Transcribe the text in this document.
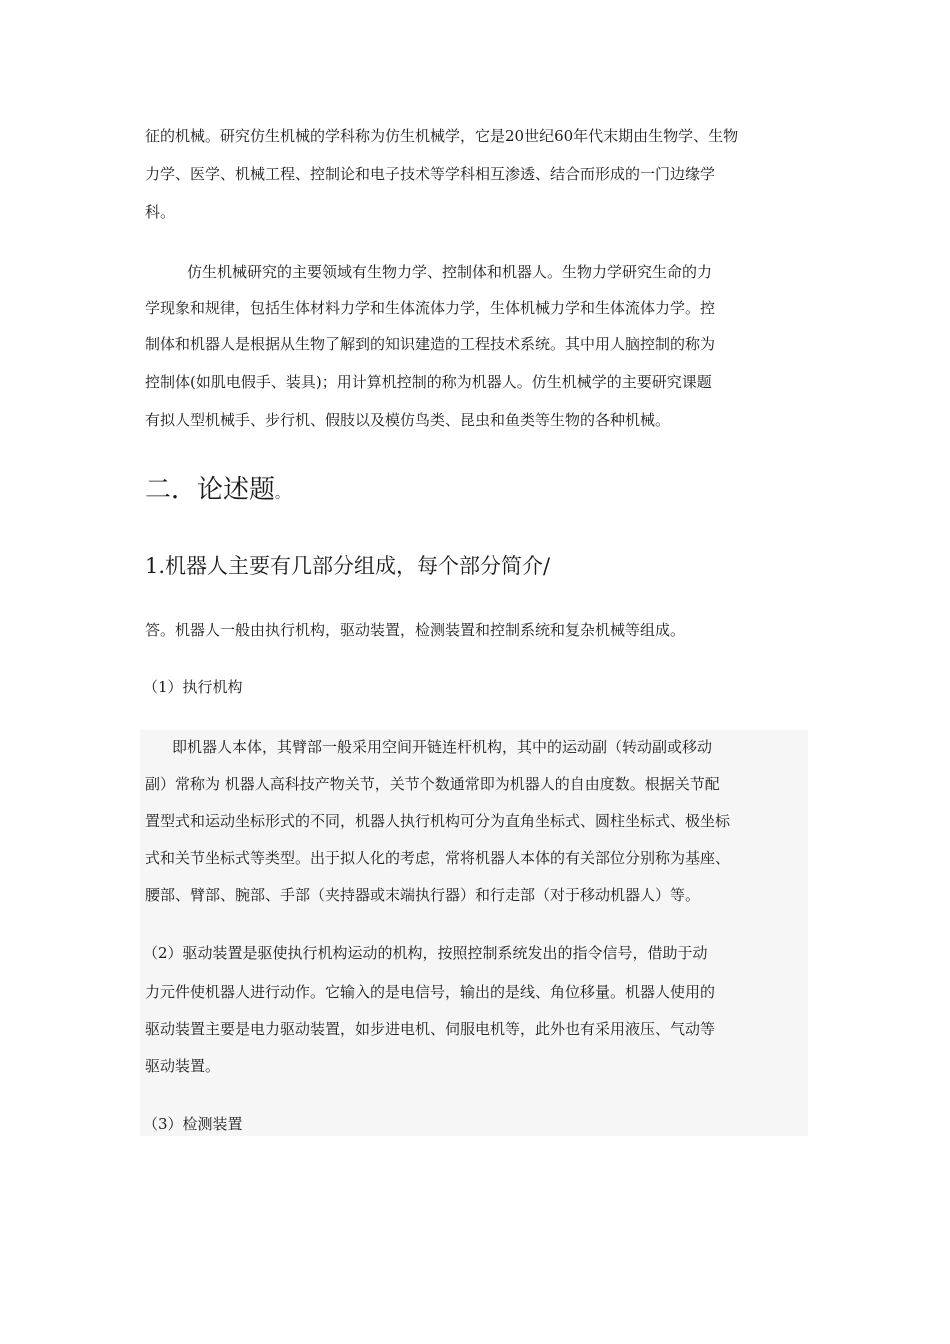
征的机械。研究仿生机械的学科称为仿生机械学，它是20世纪60年代末期由生物学、生物
力学、医学、机械工程、控制论和电子技术等学科相互渗透、结合而形成的一门边缘学
科。
仿生机械研究的主要领域有生物力学、控制体和机器人。生物力学研究生命的力
学现象和规律，包括生体材料力学和生体流体力学，生体机械力学和生体流体力学。控
制体和机器人是根据从生物了解到的知识建造的工程技术系统。其中用人脑控制的称为
控制体(如肌电假手、装具)；用计算机控制的称为机器人。仿生机械学的主要研究课题
有拟人型机械手、步行机、假肢以及模仿鸟类、昆虫和鱼类等生物的各种机械。
二．论述题。
1.机器人主要有几部分组成，每个部分简介/
答。机器人一般由执行机构，驱动装置，检测装置和控制系统和复杂机械等组成。
（1）执行机构
即机器人本体，其臂部一般采用空间开链连杆机构，其中的运动副（转动副或移动
副）常称为 机器人高科技产物关节，关节个数通常即为机器人的自由度数。根据关节配
置型式和运动坐标形式的不同，机器人执行机构可分为直角坐标式、圆柱坐标式、极坐标
式和关节坐标式等类型。出于拟人化的考虑，常将机器人本体的有关部位分别称为基座、
腰部、臂部、腕部、手部（夹持器或末端执行器）和行走部（对于移动机器人）等。
（2）驱动装置是驱使执行机构运动的机构，按照控制系统发出的指令信号，借助于动
力元件使机器人进行动作。它输入的是电信号，输出的是线、角位移量。机器人使用的
驱动装置主要是电力驱动装置，如步进电机、伺服电机等，此外也有采用液压、气动等
驱动装置。
（3）检测装置
